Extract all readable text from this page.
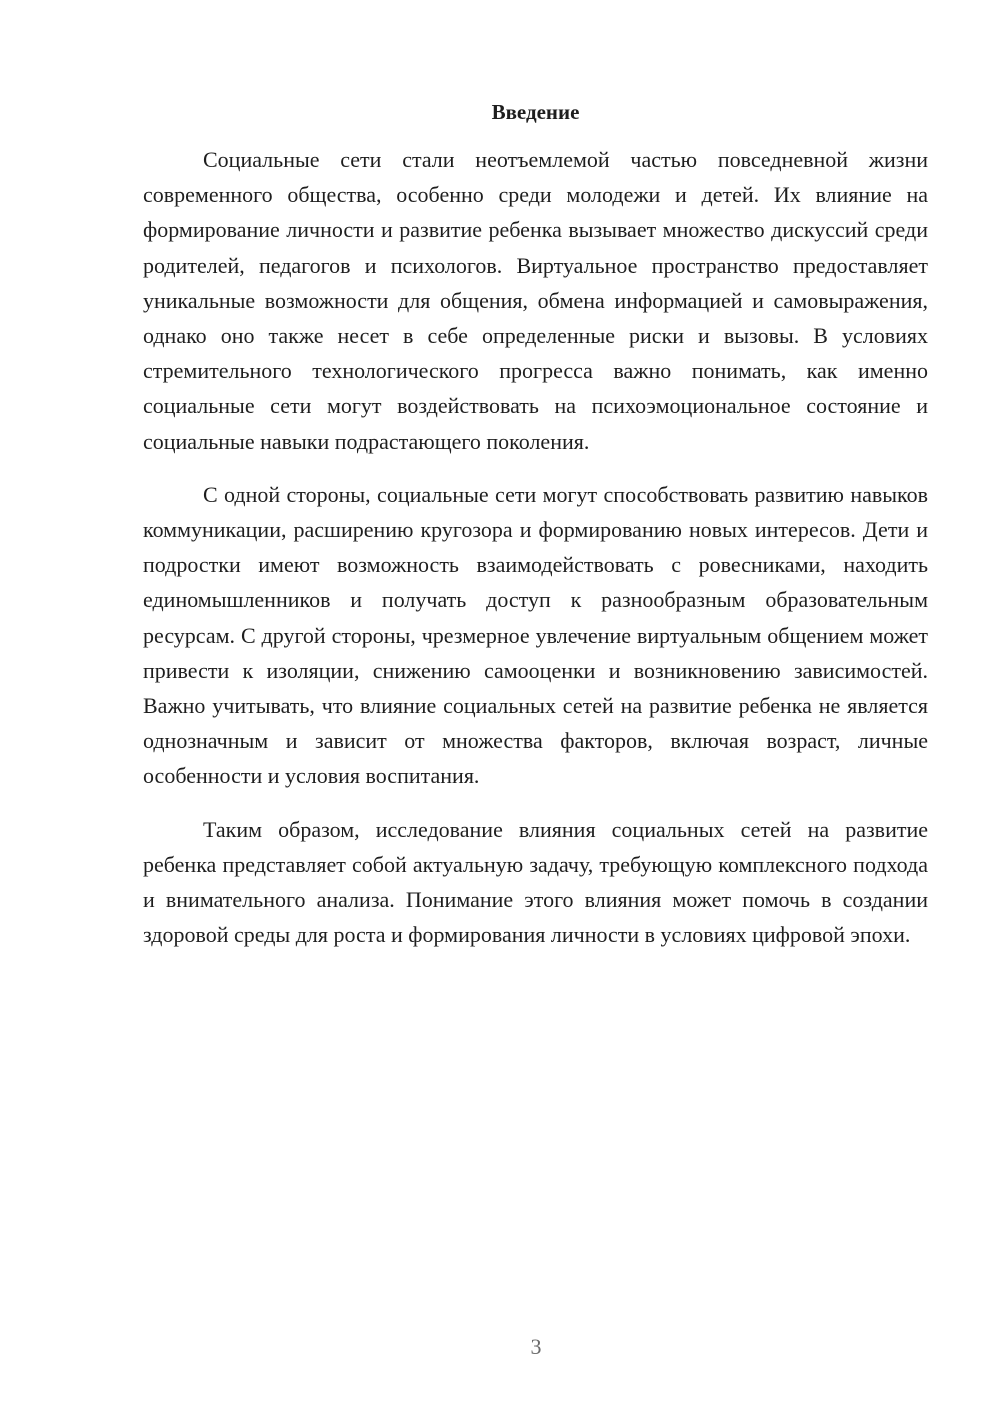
Введение

Социальные сети стали неотъемлемой частью повседневной жизни современного общества, особенно среди молодежи и детей. Их влияние на формирование личности и развитие ребенка вызывает множество дискуссий среди родителей, педагогов и психологов. Виртуальное пространство предоставляет уникальные возможности для общения, обмена информацией и самовыражения, однако оно также несет в себе определенные риски и вызовы. В условиях стремительного технологического прогресса важно понимать, как именно социальные сети могут воздействовать на психоэмоциональное состояние и социальные навыки подрастающего поколения.

С одной стороны, социальные сети могут способствовать развитию навыков коммуникации, расширению кругозора и формированию новых интересов. Дети и подростки имеют возможность взаимодействовать с ровесниками, находить единомышленников и получать доступ к разнообразным образовательным ресурсам. С другой стороны, чрезмерное увлечение виртуальным общением может привести к изоляции, снижению самооценки и возникновению зависимостей. Важно учитывать, что влияние социальных сетей на развитие ребенка не является однозначным и зависит от множества факторов, включая возраст, личные особенности и условия воспитания.

Таким образом, исследование влияния социальных сетей на развитие ребенка представляет собой актуальную задачу, требующую комплексного подхода и внимательного анализа. Понимание этого влияния может помочь в создании здоровой среды для роста и формирования личности в условиях цифровой эпохи.

3
